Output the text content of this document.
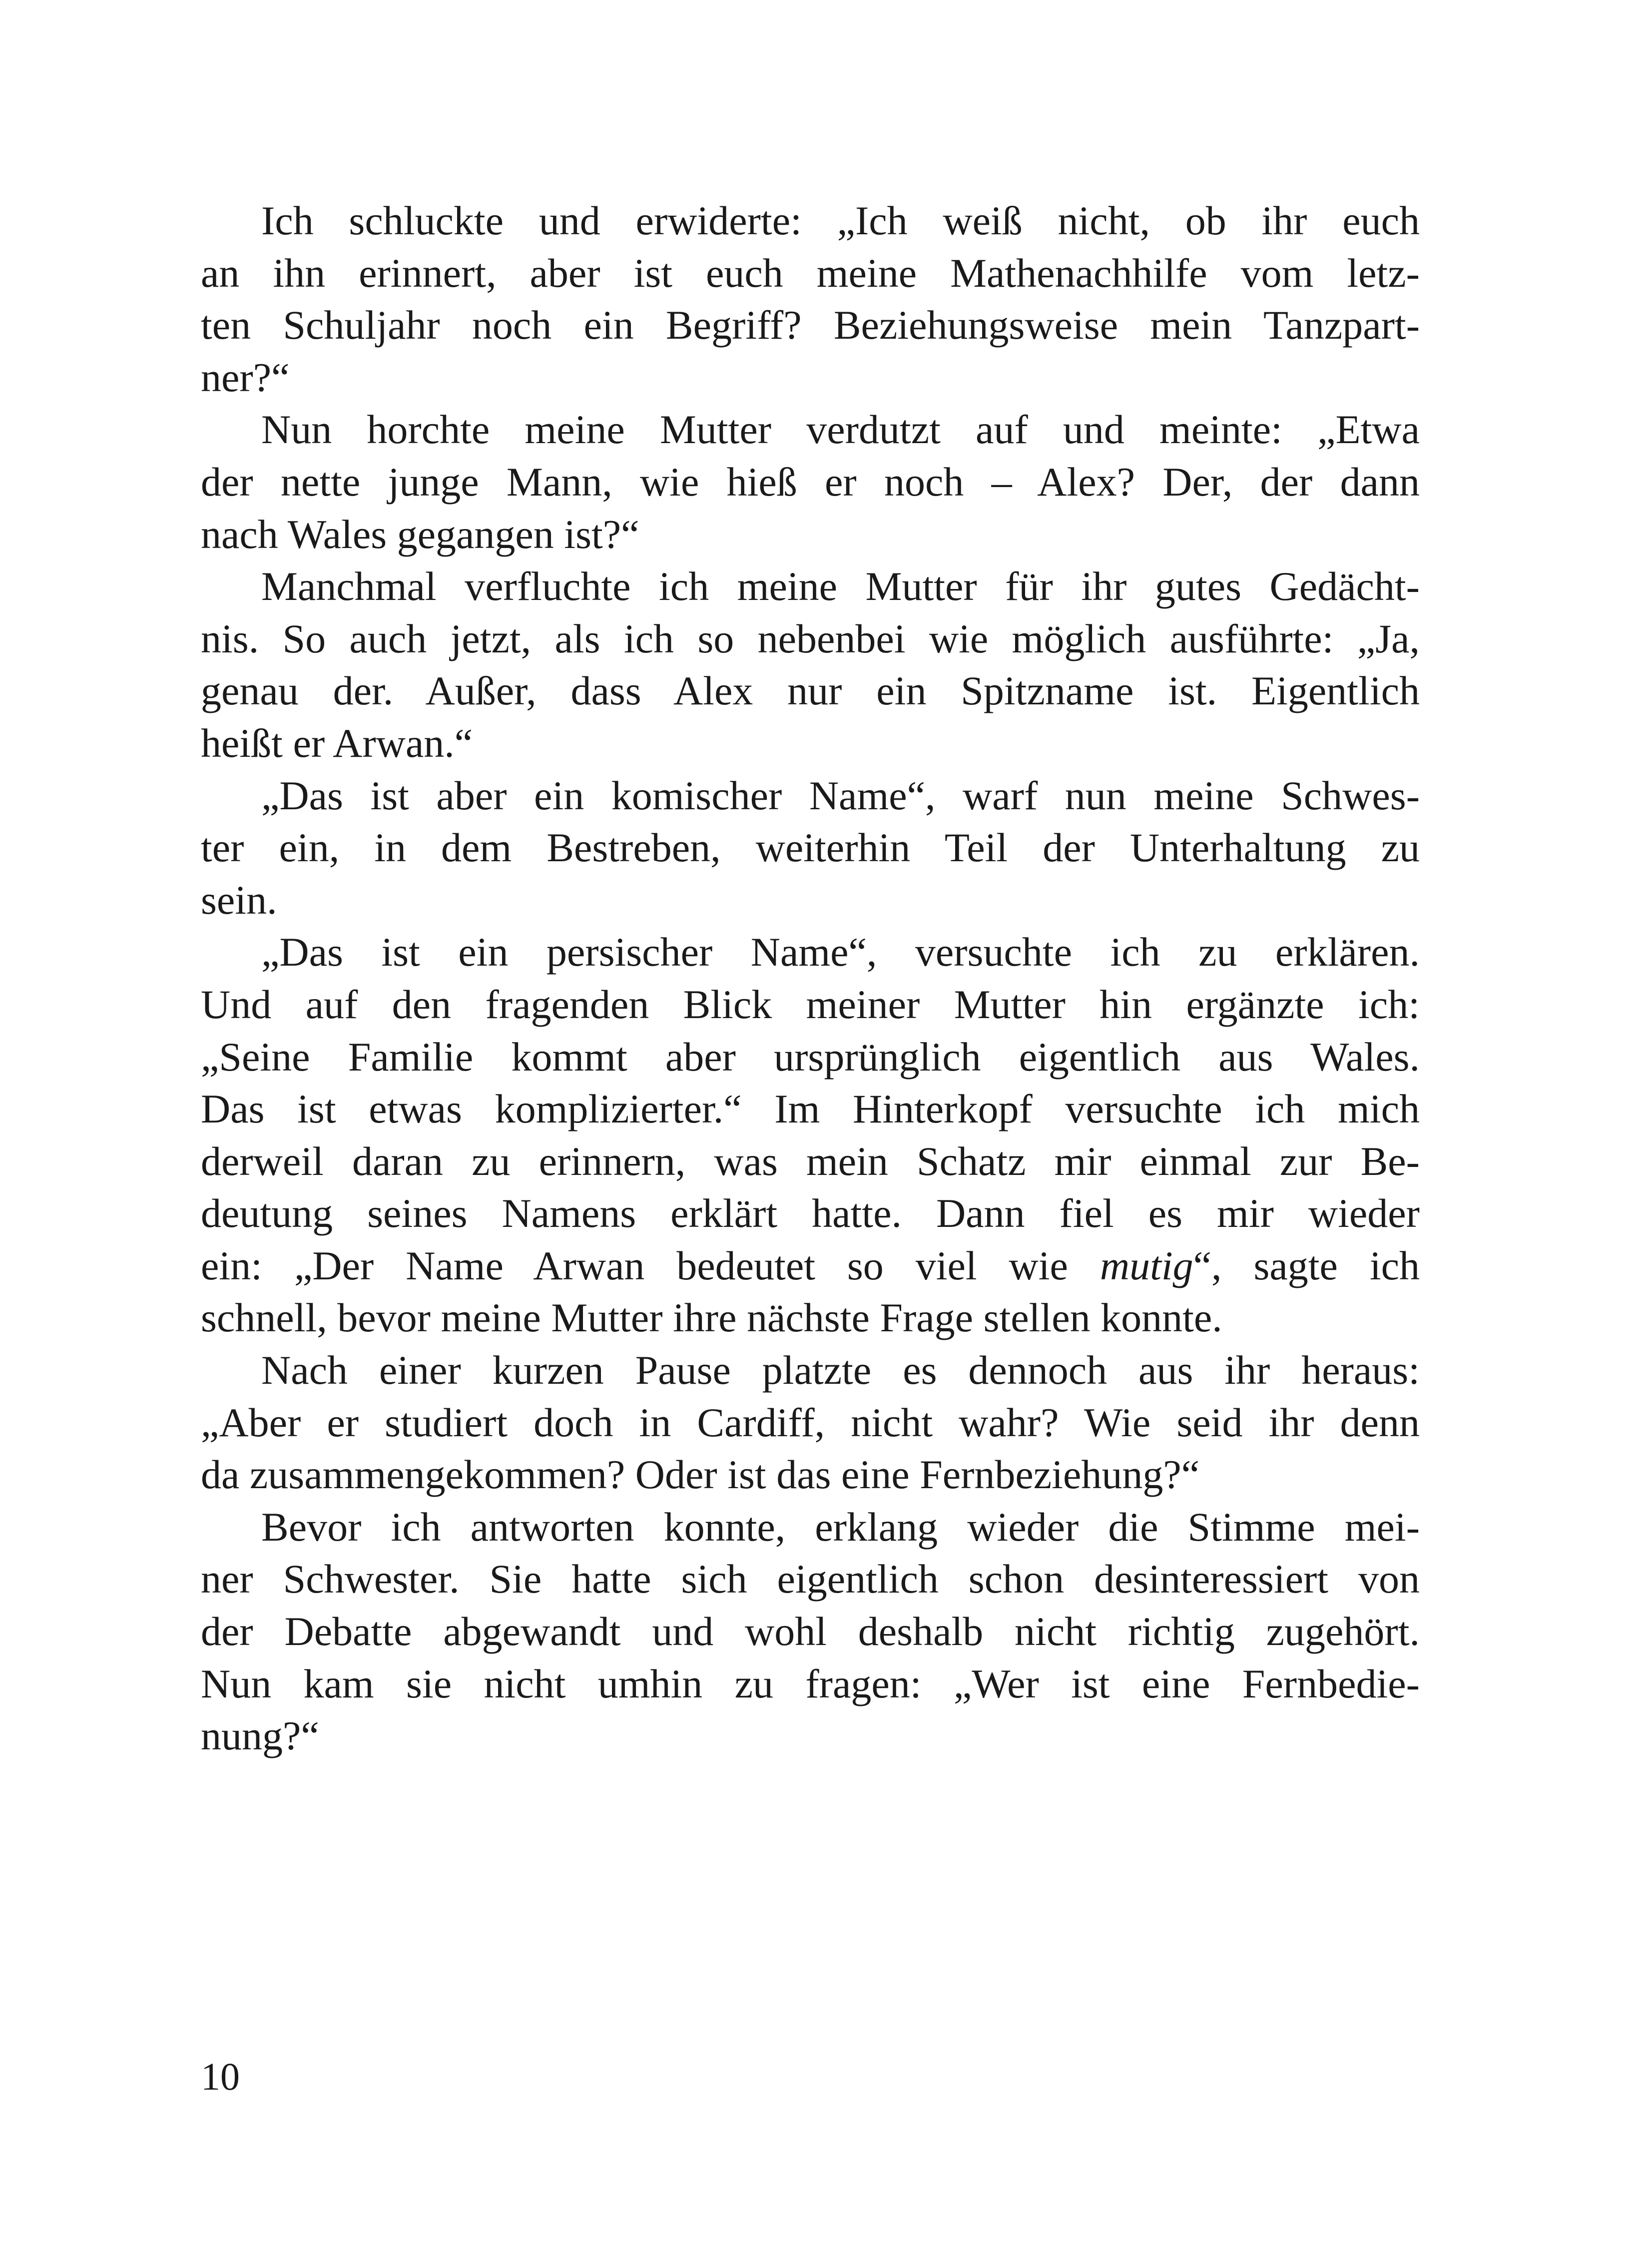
Ich schluckte und erwiderte: „Ich weiß nicht, ob ihr euch
an ihn erinnert, aber ist euch meine Mathenachhilfe vom letz-
ten Schuljahr noch ein Begriff? Beziehungsweise mein Tanzpart-
ner?“
Nun horchte meine Mutter verdutzt auf und meinte: „Etwa
der nette junge Mann, wie hieß er noch – Alex? Der, der dann
nach Wales gegangen ist?“
Manchmal verfluchte ich meine Mutter für ihr gutes Gedächt-
nis. So auch jetzt, als ich so nebenbei wie möglich ausführte: „Ja,
genau der. Außer, dass Alex nur ein Spitzname ist. Eigentlich
heißt er Arwan.“
„Das ist aber ein komischer Name“, warf nun meine Schwes-
ter ein, in dem Bestreben, weiterhin Teil der Unterhaltung zu
sein.
„Das ist ein persischer Name“, versuchte ich zu erklären.
Und auf den fragenden Blick meiner Mutter hin ergänzte ich:
„Seine Familie kommt aber ursprünglich eigentlich aus Wales.
Das ist etwas komplizierter.“ Im Hinterkopf versuchte ich mich
derweil daran zu erinnern, was mein Schatz mir einmal zur Be-
deutung seines Namens erklärt hatte. Dann fiel es mir wieder
ein: „Der Name Arwan bedeutet so viel wie mutig“, sagte ich
schnell, bevor meine Mutter ihre nächste Frage stellen konnte.
Nach einer kurzen Pause platzte es dennoch aus ihr heraus:
„Aber er studiert doch in Cardiff, nicht wahr? Wie seid ihr denn
da zusammengekommen? Oder ist das eine Fernbeziehung?“
Bevor ich antworten konnte, erklang wieder die Stimme mei-
ner Schwester. Sie hatte sich eigentlich schon desinteressiert von
der Debatte abgewandt und wohl deshalb nicht richtig zugehört.
Nun kam sie nicht umhin zu fragen: „Wer ist eine Fernbedie-
nung?“
10
